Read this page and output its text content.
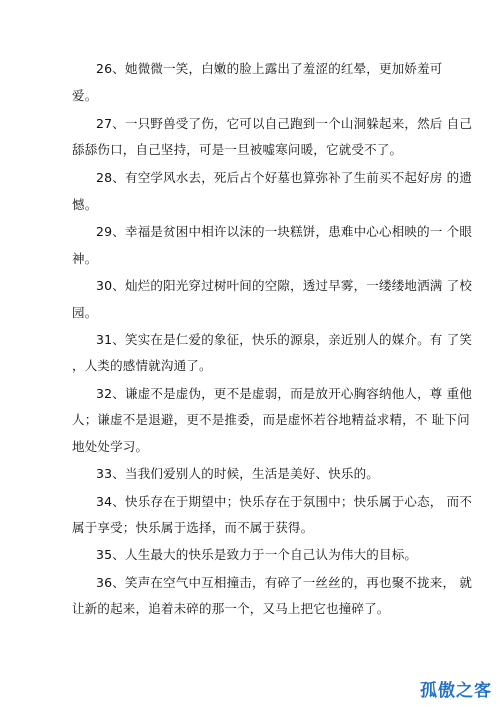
26、她微微一笑，白嫩的脸上露出了羞涩的红晕，更加娇羞可
爱。
27、一只野兽受了伤，它可以自己跑到一个山洞躲起来，然后 自己
舔舔伤口，自己坚持，可是一旦被嘘寒问暖，它就受不了。
28、有空学风水去，死后占个好墓也算弥补了生前买不起好房 的遗
憾。
29、幸福是贫困中相许以沫的一块糕饼，患难中心心相映的一 个眼
神。
30、灿烂的阳光穿过树叶间的空隙，透过早雾，一缕缕地洒满 了校
园。
31、笑实在是仁爱的象征，快乐的源泉，亲近别人的媒介。有 了笑
，人类的感情就沟通了。
32、谦虚不是虚伪，更不是虚弱，而是放开心胸容纳他人，尊 重他
人；谦虚不是退避，更不是推委，而是虚怀若谷地精益求精，不 耻下问
地处处学习。
33、当我们爱别人的时候，生活是美好、快乐的。
34、快乐存在于期望中；快乐存在于氛围中；快乐属于心态， 而不
属于享受；快乐属于选择，而不属于获得。
35、人生最大的快乐是致力于一个自己认为伟大的目标。
36、笑声在空气中互相撞击，有碎了一丝丝的，再也聚不拢来， 就
让新的起来，追着未碎的那一个，又马上把它也撞碎了。
孤傲之客
